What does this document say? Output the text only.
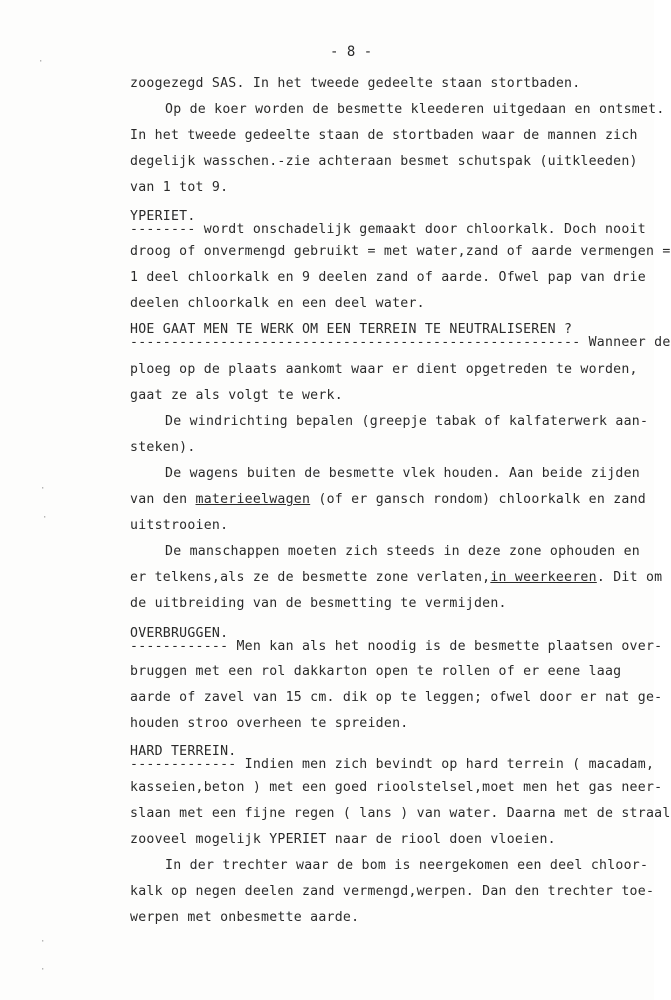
- 8 -
zoogezegd SAS. In het tweede gedeelte staan stortbaden.
Op de koer worden de besmette kleederen uitgedaan en ontsmet.
In het tweede gedeelte staan de stortbaden waar de mannen zich
degelijk wasschen.-zie achteraan besmet schutspak (uitkleeden)
van 1 tot 9.
YPERIET.
-------- wordt onschadelijk gemaakt door chloorkalk. Doch nooit
droog of onvermengd gebruikt = met water,zand of aarde vermengen =
1 deel chloorkalk en 9 deelen zand of aarde. Ofwel pap van drie
deelen chloorkalk en een deel water.
HOE GAAT MEN TE WERK OM EEN TERREIN TE NEUTRALISEREN ?
------------------------------------------------------- Wanneer de
ploeg op de plaats aankomt waar er dient opgetreden te worden,
gaat ze als volgt te werk.
De windrichting bepalen (greepje tabak of kalfaterwerk aan-
steken).
De wagens buiten de besmette vlek houden. Aan beide zijden
van den materieelwagen (of er gansch rondom) chloorkalk en zand
uitstrooien.
De manschappen moeten zich steeds in deze zone ophouden en
er telkens,als ze de besmette zone verlaten,in weerkeeren. Dit om
de uitbreiding van de besmetting te vermijden.
OVERBRUGGEN.
------------ Men kan als het noodig is de besmette plaatsen over-
bruggen met een rol dakkarton open te rollen of er eene laag
aarde of zavel van 15 cm. dik op te leggen; ofwel door er nat ge-
houden stroo overheen te spreiden.
HARD TERREIN.
------------- Indien men zich bevindt op hard terrein ( macadam,
kasseien,beton ) met een goed rioolstelsel,moet men het gas neer-
slaan met een fijne regen ( lans ) van water. Daarna met de straal
zooveel mogelijk YPERIET naar de riool doen vloeien.
In der trechter waar de bom is neergekomen een deel chloor-
kalk op negen deelen zand vermengd,werpen. Dan den trechter toe-
werpen met onbesmette aarde.
·
·
·
·
·
